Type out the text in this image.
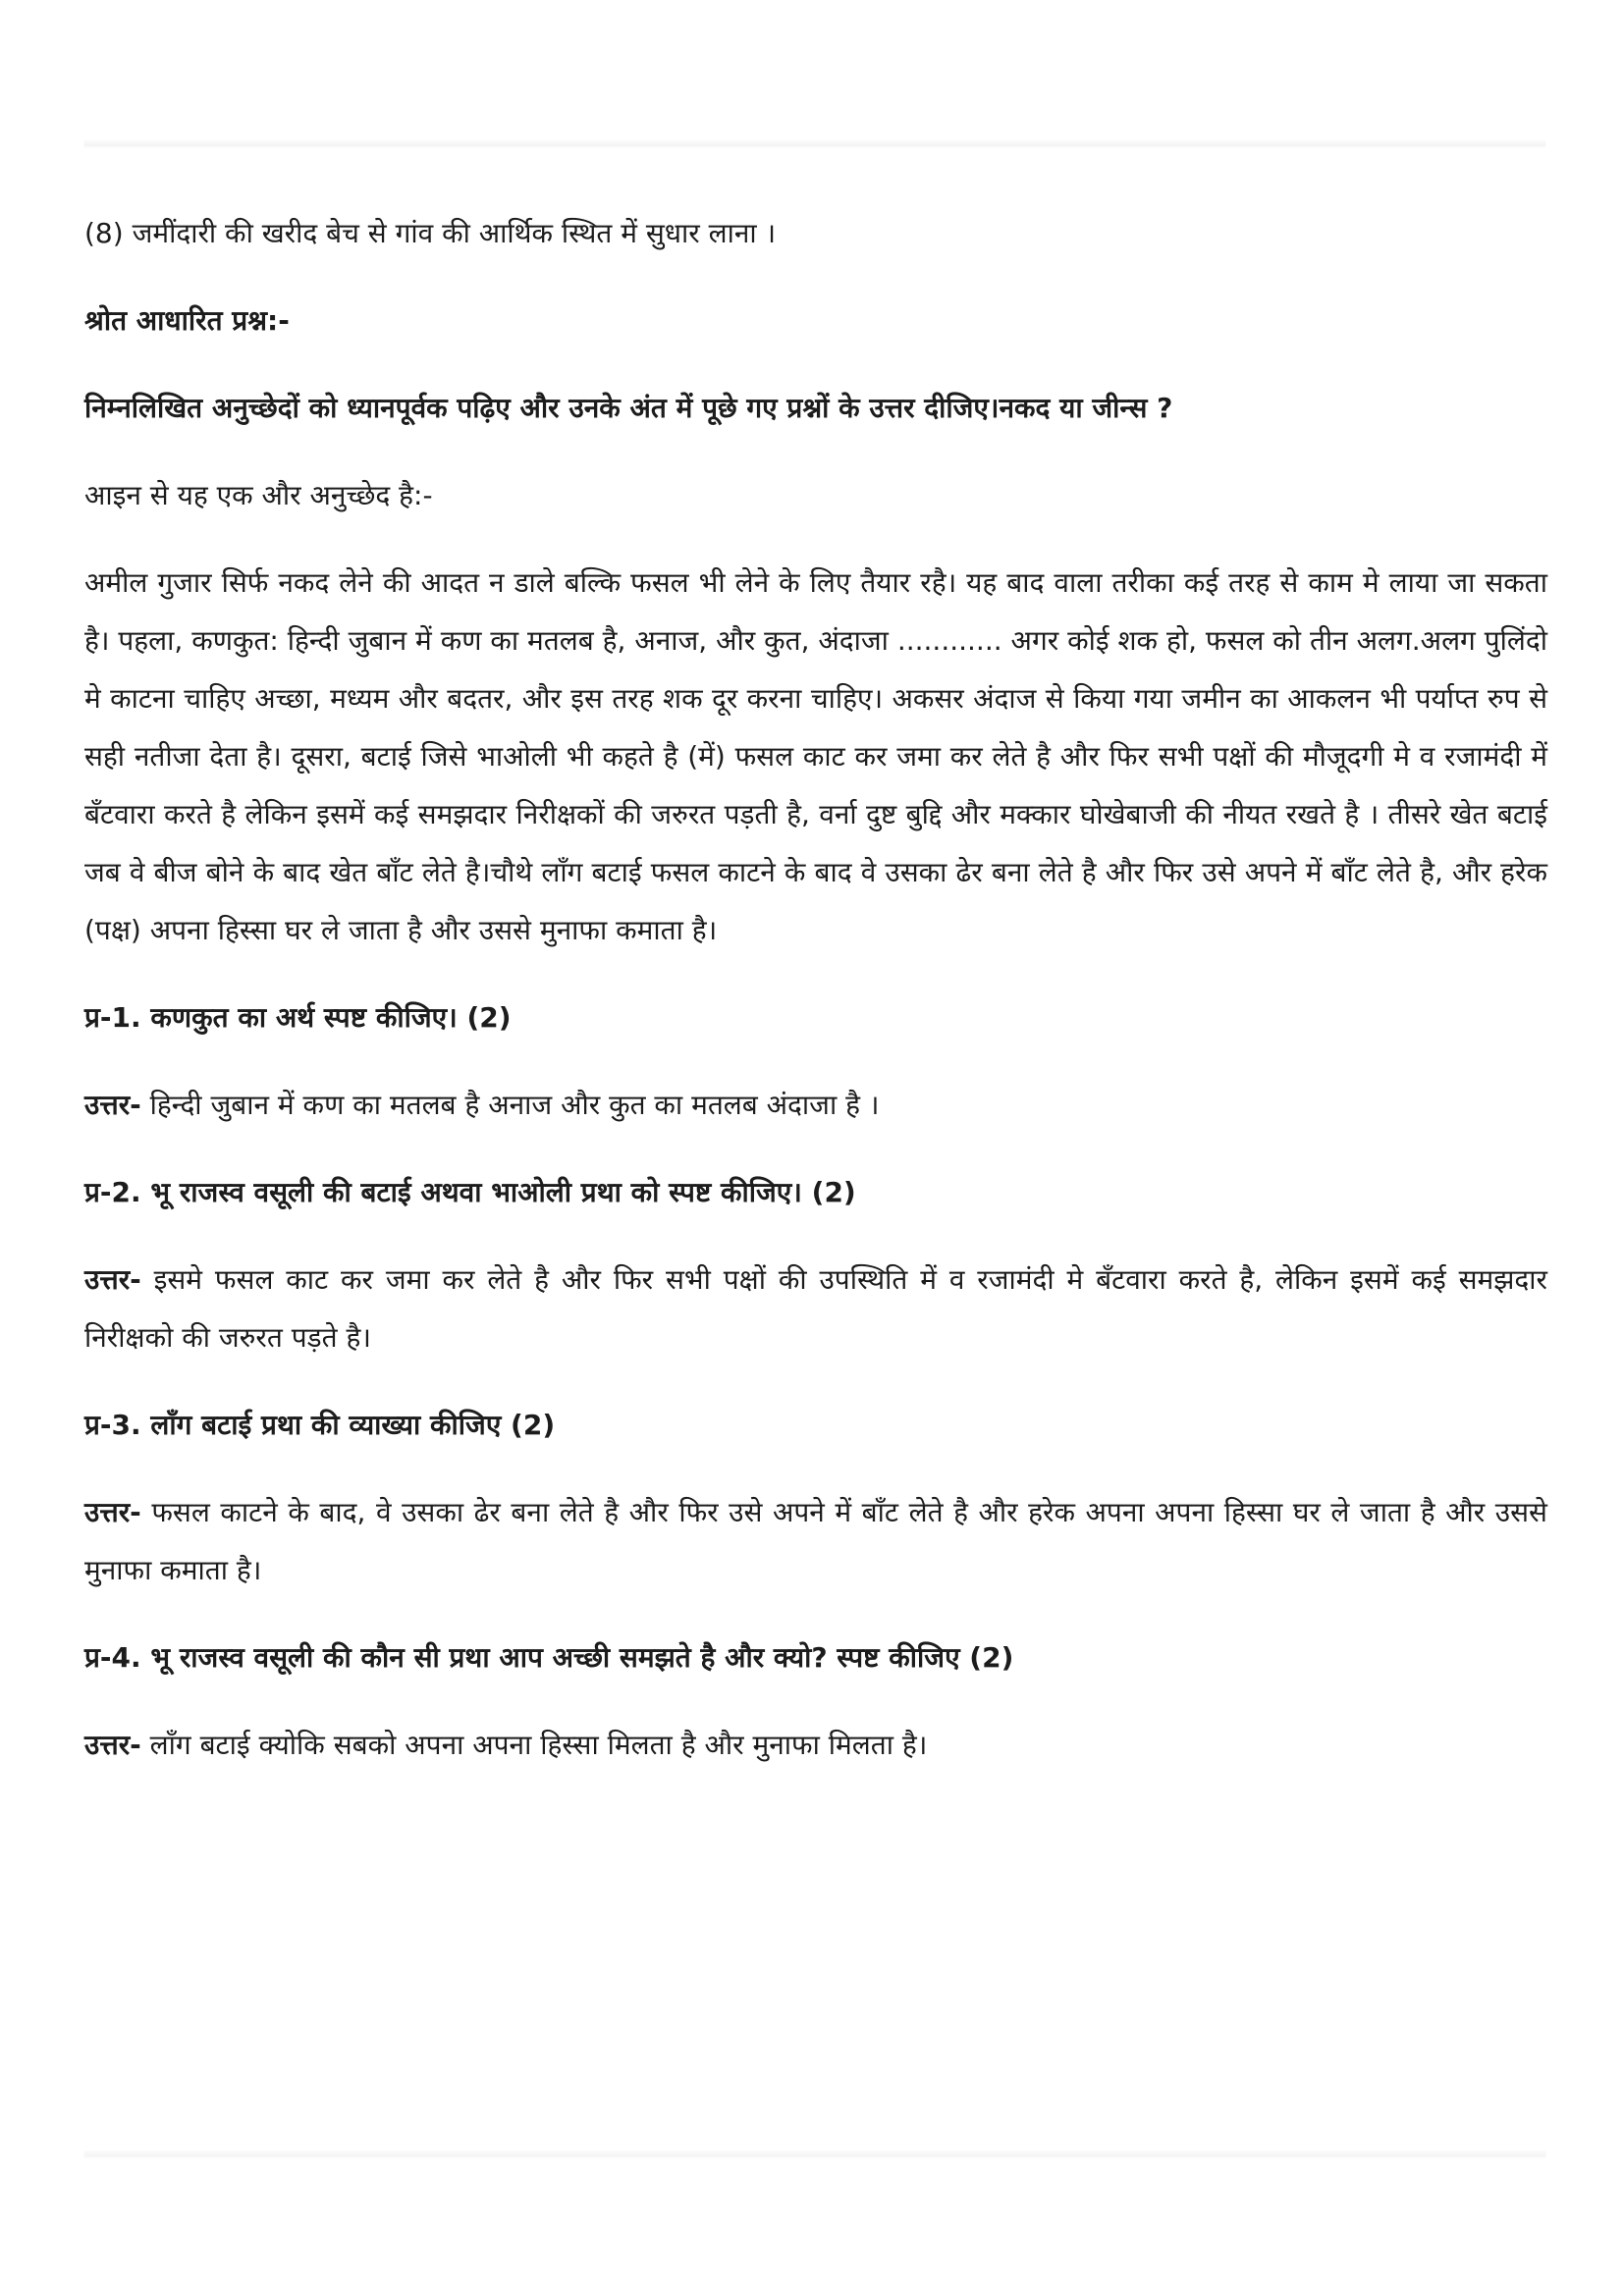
(8) जमींदारी की खरीद बेच से गांव की आर्थिक स्थित में सुधार लाना ।

श्रोत आधारित प्रश्न:-

निम्नलिखित अनुच्छेदों को ध्यानपूर्वक पढ़िए और उनके अंत में पूछे गए प्रश्नों के उत्तर दीजिए।नकद या जीन्स ?

आइन से यह एक और अनुच्छेद है:-

अमील गुजार सिर्फ नकद लेने की आदत न डाले बल्कि फसल भी लेने के लिए तैयार रहै। यह बाद वाला तरीका कई तरह से काम मे लाया जा सकता है। पहला, कणकुत: हिन्दी जुबान में कण का मतलब है, अनाज, और कुत, अंदाजा ............ अगर कोई शक हो, फसल को तीन अलग.अलग पुलिंदो मे काटना चाहिए अच्छा, मध्यम और बदतर, और इस तरह शक दूर करना चाहिए। अकसर अंदाज से किया गया जमीन का आकलन भी पर्याप्त रुप से सही नतीजा देता है। दूसरा, बटाई जिसे भाओली भी कहते है (में) फसल काट कर जमा कर लेते है और फिर सभी पक्षों की मौजूदगी मे व रजामंदी में बँटवारा करते है लेकिन इसमें कई समझदार निरीक्षकों की जरुरत पड़ती है, वर्ना दुष्ट बुद्दि और मक्कार घोखेबाजी की नीयत रखते है । तीसरे खेत बटाई जब वे बीज बोने के बाद खेत बाँट लेते है।चौथे लाँग बटाई फसल काटने के बाद वे उसका ढेर बना लेते है और फिर उसे अपने में बाँट लेते है, और हरेक (पक्ष) अपना हिस्सा घर ले जाता है और उससे मुनाफा कमाता है।

प्र-1. कणकुत का अर्थ स्पष्ट कीजिए। (2)

उत्तर- हिन्दी जुबान में कण का मतलब है अनाज और कुत का मतलब अंदाजा है ।

प्र-2. भू राजस्व वसूली की बटाई अथवा भाओली प्रथा को स्पष्ट कीजिए। (2)

उत्तर- इसमे फसल काट कर जमा कर लेते है और फिर सभी पक्षों की उपस्थिति में व रजामंदी मे बँटवारा करते है, लेकिन इसमें कई समझदार निरीक्षको की जरुरत पड़ते है।

प्र-3. लाँग बटाई प्रथा की व्याख्या कीजिए (2)

उत्तर- फसल काटने के बाद, वे उसका ढेर बना लेते है और फिर उसे अपने में बाँट लेते है और हरेक अपना अपना हिस्सा घर ले जाता है और उससे मुनाफा कमाता है।

प्र-4. भू राजस्व वसूली की कौन सी प्रथा आप अच्छी समझते है और क्यो? स्पष्ट कीजिए (2)

उत्तर- लाँग बटाई क्योकि सबको अपना अपना हिस्सा मिलता है और मुनाफा मिलता है।
